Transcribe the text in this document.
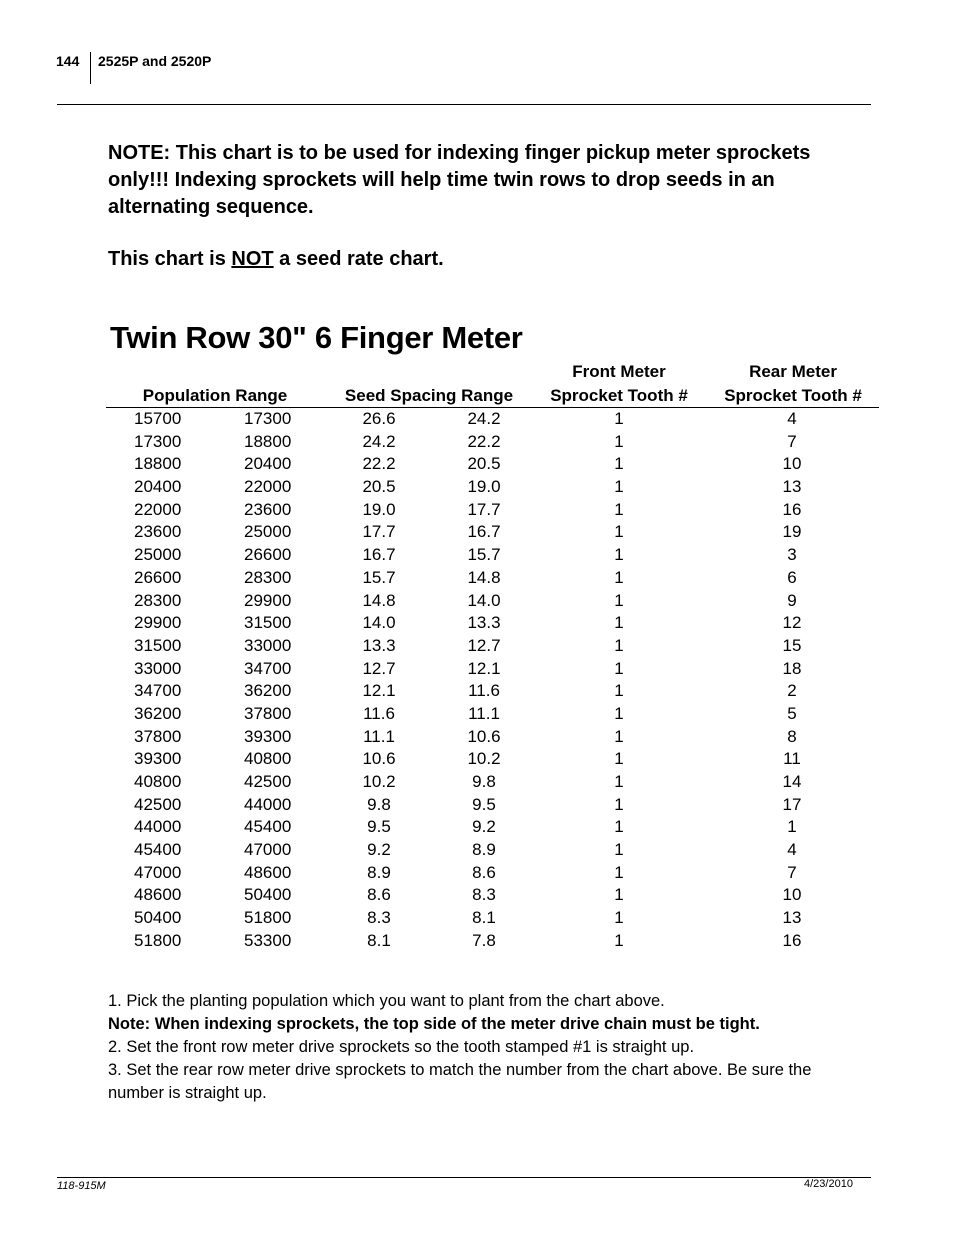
144 2525P and 2520P
NOTE: This chart is to be used for indexing finger pickup meter sprockets only!!! Indexing sprockets will help time twin rows to drop seeds in an alternating sequence.
This chart is NOT a seed rate chart.
Twin Row 30" 6 Finger Meter
Population Range	Seed Spacing Range
Front Meter
Sprocket Tooth #
Rear Meter
Sprocket Tooth #
15700	17300	26.6	24.2	1	4
17300	18800	24.2	22.2	1	7
18800	20400	22.2	20.5	1	10
20400	22000	20.5	19.0	1	13
22000	23600	19.0	17.7	1	16
23600	25000	17.7	16.7	1	19
25000	26600	16.7	15.7	1	3
26600	28300	15.7	14.8	1	6
28300	29900	14.8	14.0	1	9
29900	31500	14.0	13.3	1	12
31500	33000	13.3	12.7	1	15
33000	34700	12.7	12.1	1	18
34700	36200	12.1	11.6	1	2
36200	37800	11.6	11.1	1	5
37800	39300	11.1	10.6	1	8
39300	40800	10.6	10.2	1	11
40800	42500	10.2	9.8	1	14
42500	44000	9.8	9.5	1	17
44000	45400	9.5	9.2	1	1
45400	47000	9.2	8.9	1	4
47000	48600	8.9	8.6	1	7
48600	50400	8.6	8.3	1	10
50400	51800	8.3	8.1	1	13
51800	53300	8.1	7.8	1	16
1. Pick the planting population which you want to plant from the chart above.
Note: When indexing sprockets, the top side of the meter drive chain must be tight.
2. Set the front row meter drive sprockets so the tooth stamped #1 is straight up.
3. Set the rear row meter drive sprockets to match the number from the chart above. Be sure the number is straight up.
118-915M	4/23/2010
